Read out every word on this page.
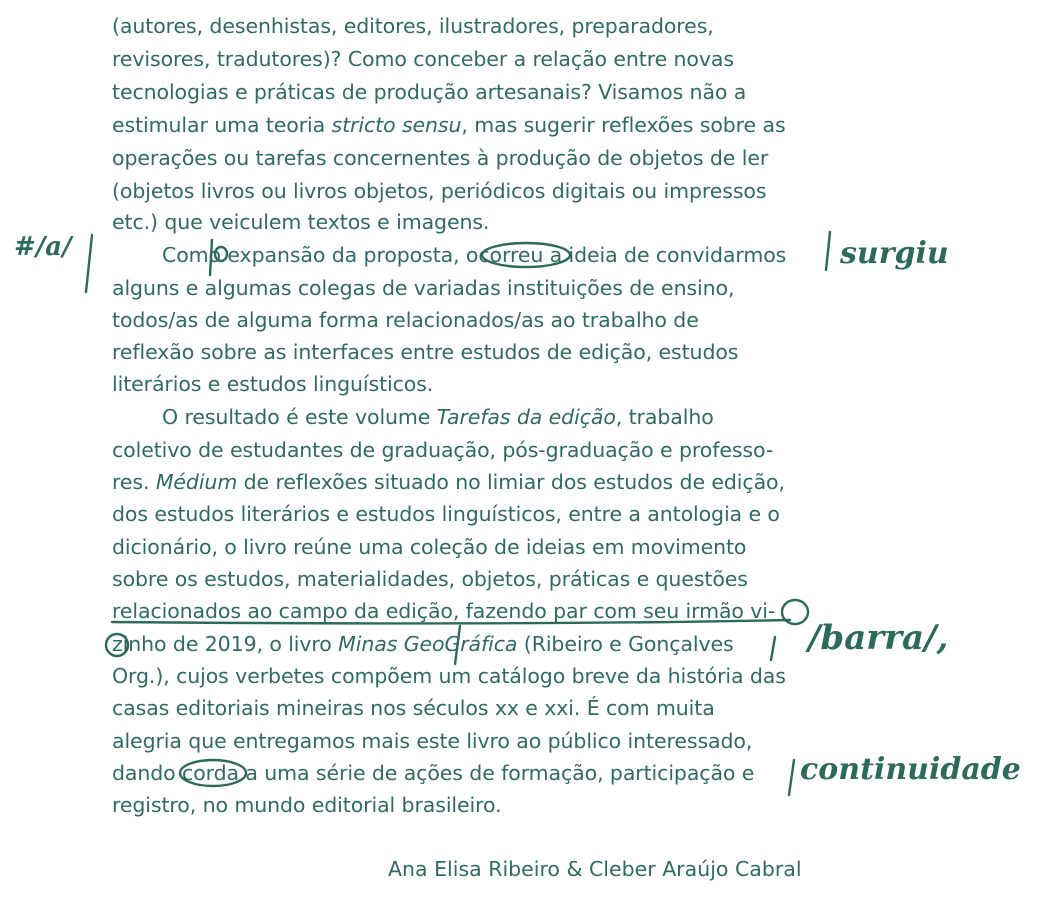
(autores, desenhistas, editores, ilustradores, preparadores,
revisores, tradutores)? Como conceber a relação entre novas
tecnologias e práticas de produção artesanais? Visamos não a
estimular uma teoria stricto sensu, mas sugerir reflexões sobre as
operações ou tarefas concernentes à produção de objetos de ler
(objetos livros ou livros objetos, periódicos digitais ou impressos
etc.) que veiculem textos e imagens.
Como expansão da proposta, ocorreu a ideia de convidarmos
alguns e algumas colegas de variadas instituições de ensino,
todos/as de alguma forma relacionados/as ao trabalho de
reflexão sobre as interfaces entre estudos de edição, estudos
literários e estudos linguísticos.
O resultado é este volume Tarefas da edição, trabalho
coletivo de estudantes de graduação, pós-graduação e professo-
res. Médium de reflexões situado no limiar dos estudos de edição,
dos estudos literários e estudos linguísticos, entre a antologia e o
dicionário, o livro reúne uma coleção de ideias em movimento
sobre os estudos, materialidades, objetos, práticas e questões
relacionados ao campo da edição, fazendo par com seu irmão vi-
zinho de 2019, o livro Minas GeoGráfica (Ribeiro e Gonçalves
Org.), cujos verbetes compõem um catálogo breve da história das
casas editoriais mineiras nos séculos xx e xxi. É com muita
alegria que entregamos mais este livro ao público interessado,
dando corda a uma série de ações de formação, participação e
registro, no mundo editorial brasileiro.
Ana Elisa Ribeiro & Cleber Araújo Cabral
#/a/	surgiu
/barra/,
continuidade
